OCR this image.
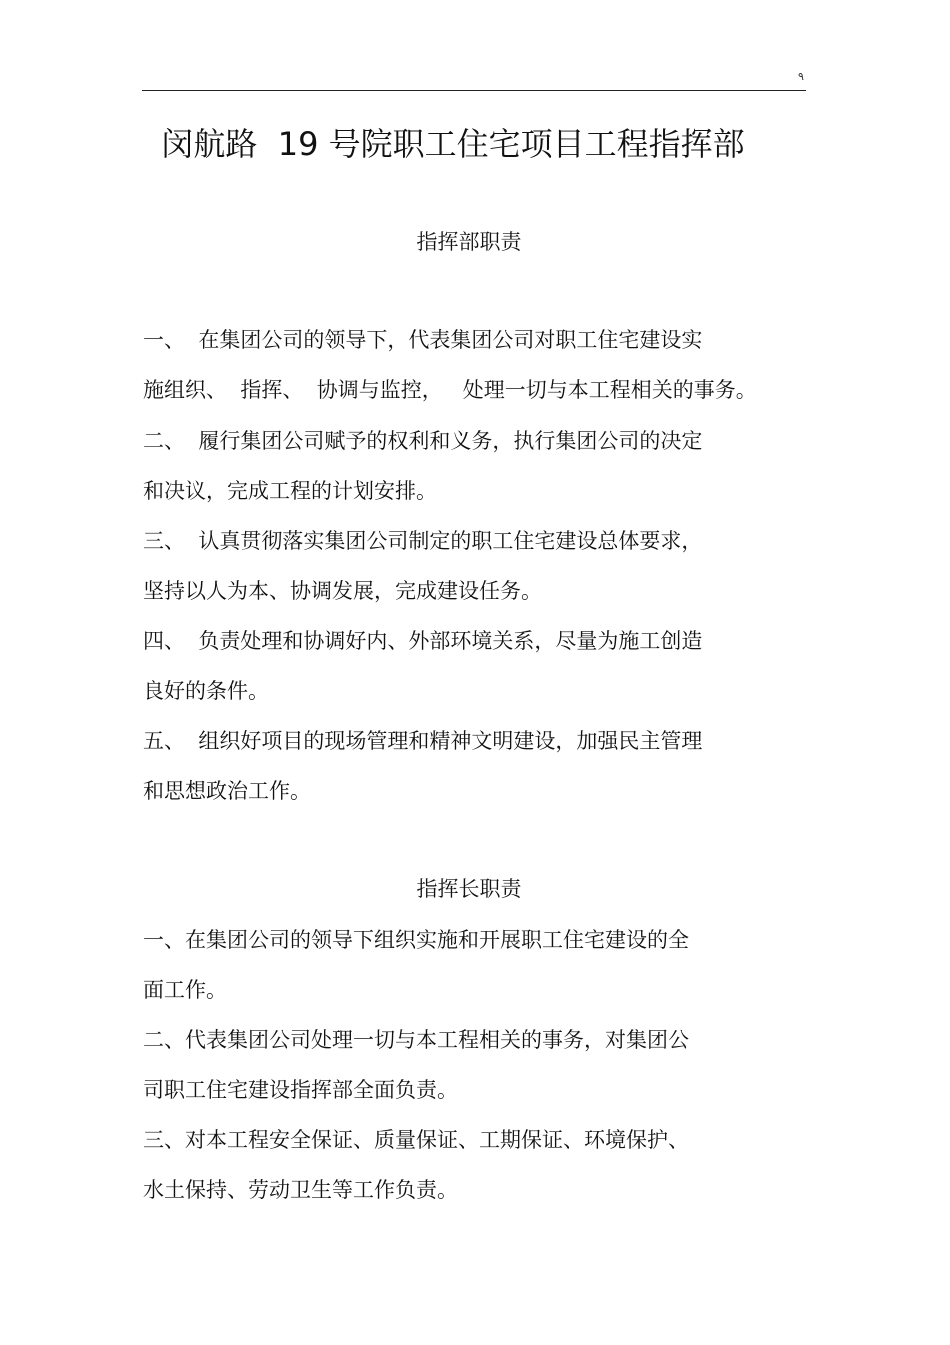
٩
闵航路  19 号院职工住宅项目工程指挥部
指挥部职责
一、  在集团公司的领导下，代表集团公司对职工住宅建设实
施组织、  指挥、  协调与监控，   处理一切与本工程相关的事务。
二、  履行集团公司赋予的权利和义务，执行集团公司的决定
和决议，完成工程的计划安排。
三、  认真贯彻落实集团公司制定的职工住宅建设总体要求，
坚持以人为本、协调发展，完成建设任务。
四、  负责处理和协调好内、外部环境关系，尽量为施工创造
良好的条件。
五、  组织好项目的现场管理和精神文明建设，加强民主管理
和思想政治工作。
指挥长职责
一、在集团公司的领导下组织实施和开展职工住宅建设的全
面工作。
二、代表集团公司处理一切与本工程相关的事务，对集团公
司职工住宅建设指挥部全面负责。
三、对本工程安全保证、质量保证、工期保证、环境保护、
水土保持、劳动卫生等工作负责。
